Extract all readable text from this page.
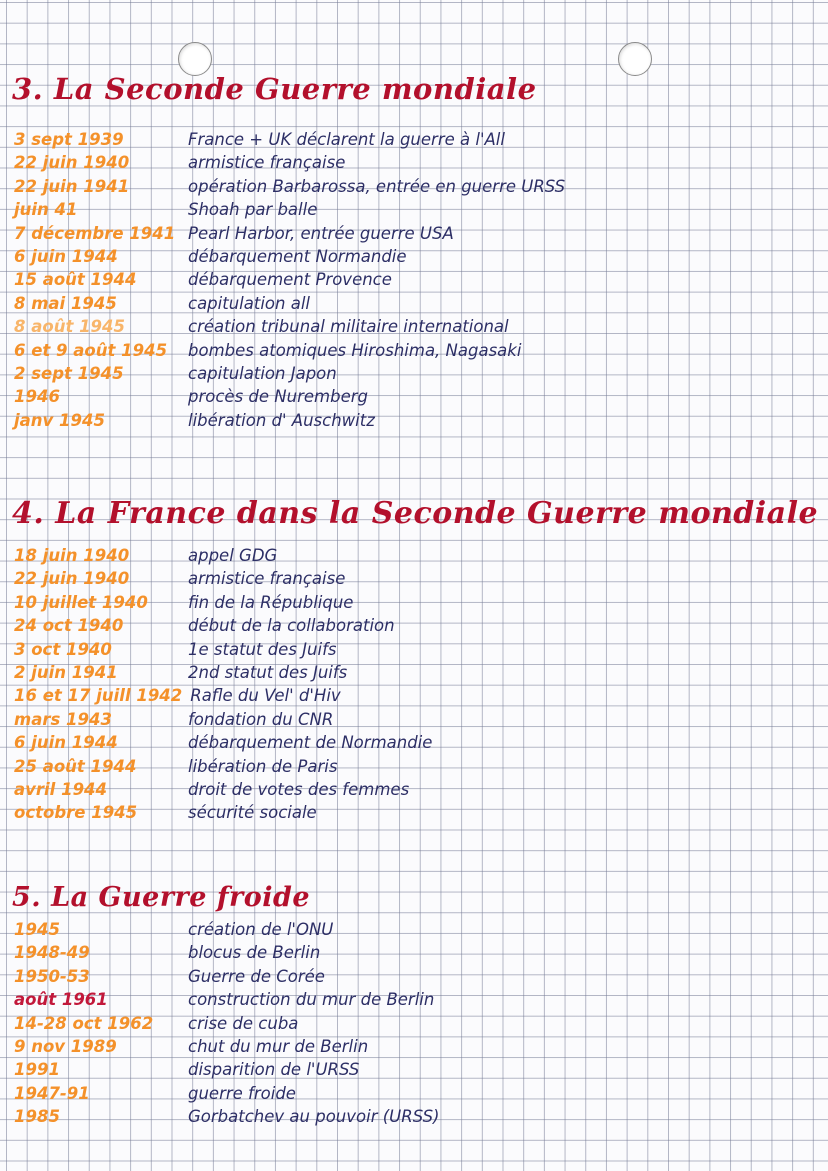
3. La Seconde Guerre mondiale
3 sept 1939	France + UK déclarent la guerre à l'All
22 juin 1940	armistice française
22 juin 1941	opération Barbarossa, entrée en guerre URSS
juin 41	Shoah par balle
7 décembre 1941 Pearl Harbor, entrée guerre USA
6 juin 1944	débarquement Normandie
15 août 1944	débarquement Provence
8 mai 1945	capitulation all
8 août 1945	création tribunal militaire international
6 et 9 août 1945 bombes atomiques Hiroshima, Nagasaki
2 sept 1945	capitulation Japon
1946	procès de Nuremberg
janv 1945	libération d' Auschwitz
4. La France dans la Seconde Guerre mondiale
18 juin 1940	appel GDG
22 juin 1940	armistice française
10 juillet 1940 fin de la République
24 oct 1940	début de la collaboration
3 oct 1940	1e statut des Juifs
2 juin 1941	2nd statut des Juifs
16 et 17 juill 1942 Rafle du Vel' d'Hiv
mars 1943	fondation du CNR
6 juin 1944	débarquement de Normandie
25 août 1944	libération de Paris
avril 1944	droit de votes des femmes
octobre 1945	sécurité sociale
5. La Guerre froide
1945	création de l'ONU
1948-49	blocus de Berlin
1950-53	Guerre de Corée
août 1961	construction du mur de Berlin
14-28 oct 1962 crise de cuba
9 nov 1989	chut du mur de Berlin
1991	disparition de l'URSS
1947-91	guerre froide
1985	Gorbatchev au pouvoir (URSS)
